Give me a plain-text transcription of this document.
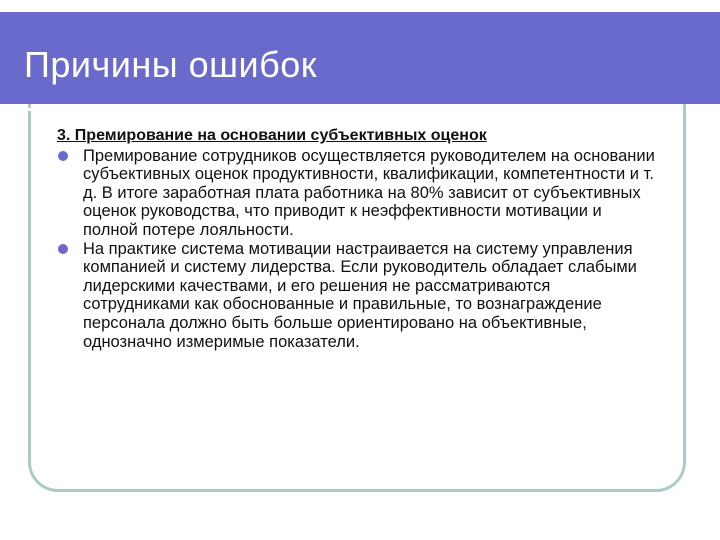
Причины ошибок
3. Премирование на основании субъективных оценок
Премирование сотрудников осуществляется руководителем на основании субъективных оценок продуктивности, квалификации, компетентности и т. д. В итоге заработная плата работника на 80% зависит от субъективных оценок руководства, что приводит к неэффективности мотивации и полной потере лояльности.
На практике система мотивации настраивается на систему управления компанией и систему лидерства. Если руководитель обладает слабыми лидерскими качествами, и его решения не рассматриваются сотрудниками как обоснованные и правильные, то вознаграждение персонала должно быть больше ориентировано на объективные, однозначно измеримые показатели.
